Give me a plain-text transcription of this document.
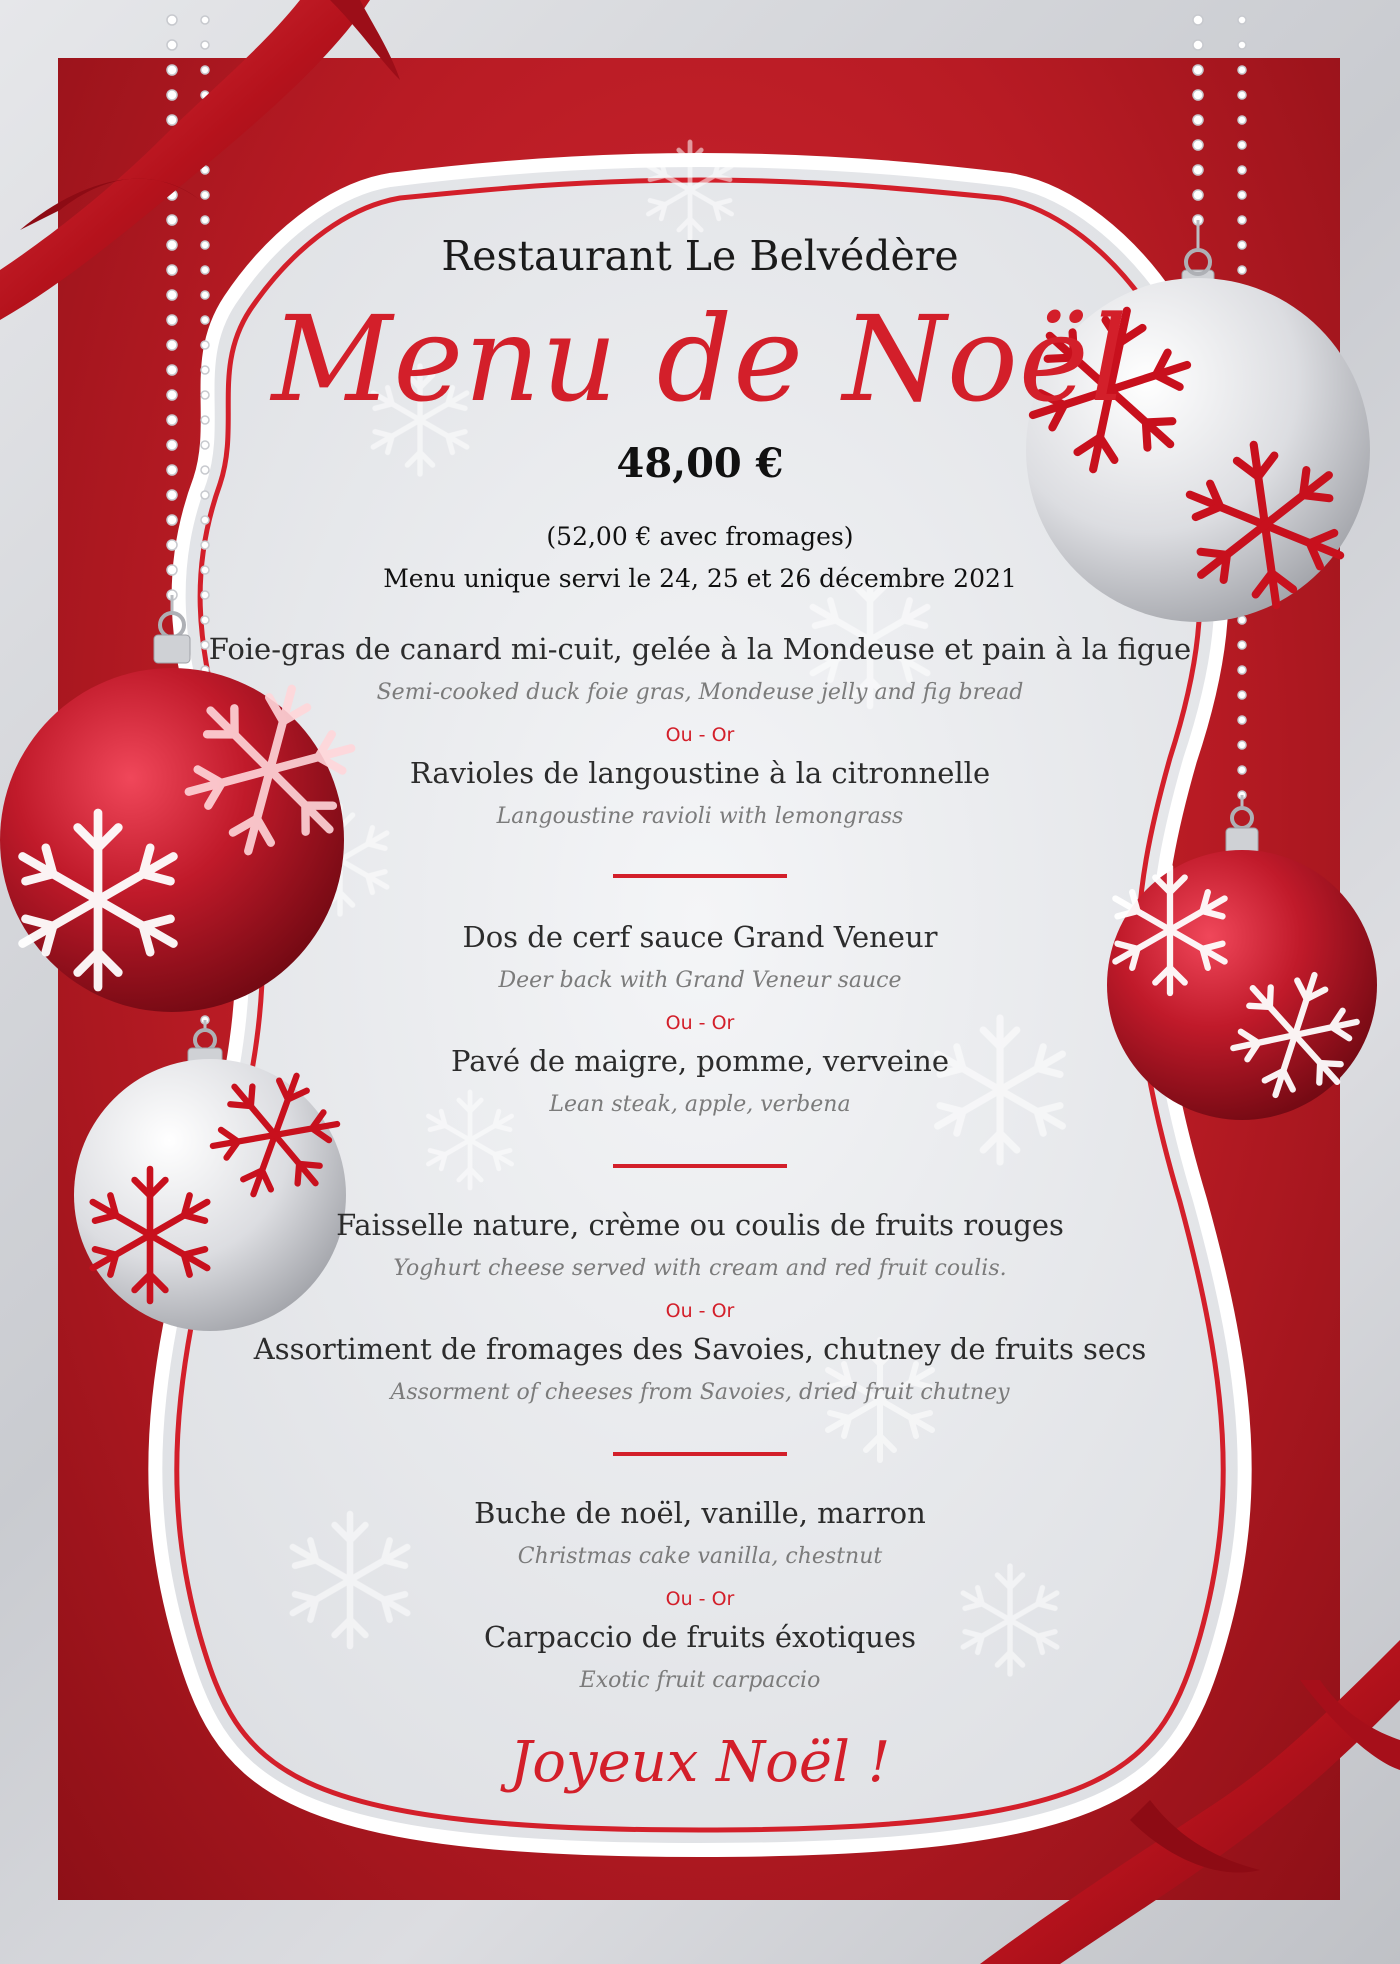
Restaurant Le Belvédère
Menu de Noël
48,00 €
(52,00 € avec fromages)
Menu unique servi le 24, 25 et 26 décembre 2021
Foie-gras de canard mi-cuit, gelée à la Mondeuse et pain à la figue
Semi-cooked duck foie gras, Mondeuse jelly and fig bread
Ou - Or
Ravioles de langoustine à la citronnelle
Langoustine ravioli with lemongrass
Dos de cerf sauce Grand Veneur
Deer back with Grand Veneur sauce
Ou - Or
Pavé de maigre, pomme, verveine
Lean steak, apple, verbena
Faisselle nature, crème ou coulis de fruits rouges
Yoghurt cheese served with cream and red fruit coulis.
Ou - Or
Assortiment de fromages des Savoies, chutney de fruits secs
Assorment of cheeses from Savoies, dried fruit chutney
Buche de noël, vanille, marron
Christmas cake vanilla, chestnut
Ou - Or
Carpaccio de fruits éxotiques
Exotic fruit carpaccio
Joyeux Noël !
